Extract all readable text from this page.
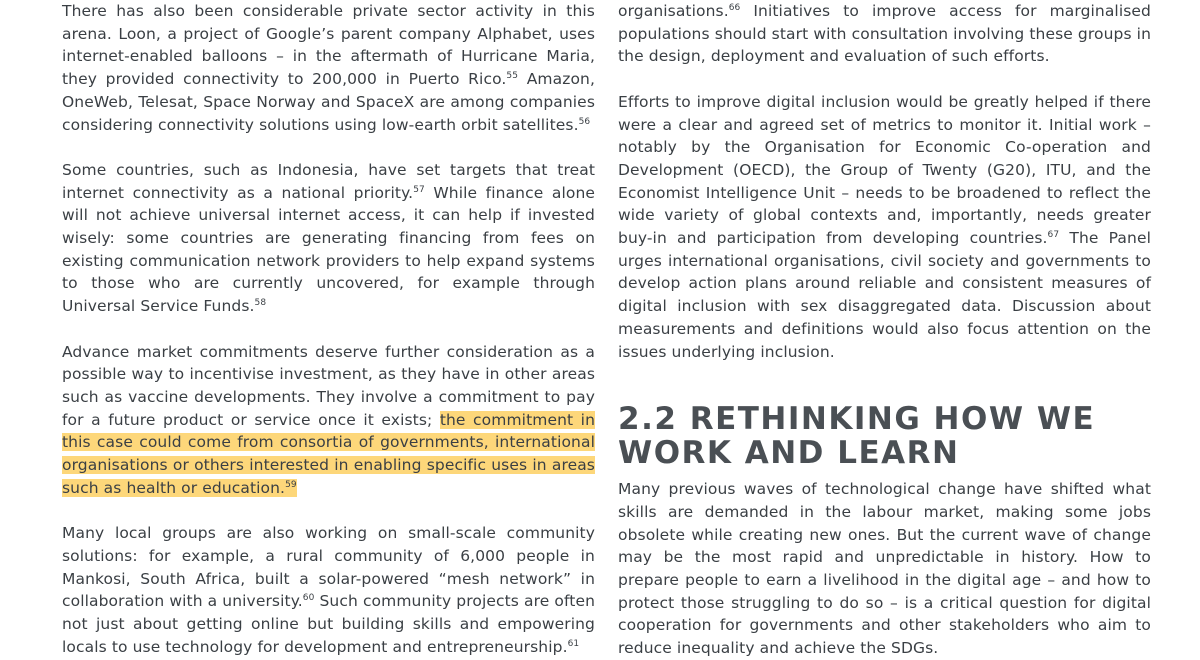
There has also been considerable private sector activity in this arena. Loon, a project of Google’s parent company Alphabet, uses internet-enabled balloons – in the aftermath of Hurricane Maria, they provided connectivity to 200,000 in Puerto Rico.$^{55}$ Amazon, OneWeb, Telesat, Space Norway and SpaceX are among companies considering connectivity solutions using low-earth orbit satellites.$^{56}$

Some countries, such as Indonesia, have set targets that treat internet connectivity as a national priority.$^{57}$ While finance alone will not achieve universal internet access, it can help if invested wisely: some countries are generating financing from fees on existing communication network providers to help expand systems to those who are currently uncovered, for example through Universal Service Funds.$^{58}$

Advance market commitments deserve further consideration as a possible way to incentivise investment, as they have in other areas such as vaccine developments. They involve a commitment to pay for a future product or service once it exists; the commitment in this case could come from consortia of governments, international organisations or others interested in enabling specific uses in areas such as health or education.$^{59}$

Many local groups are also working on small-scale community solutions: for example, a rural community of 6,000 people in Mankosi, South Africa, built a solar-powered “mesh network” in collaboration with a university.$^{60}$ Such community projects are often not just about getting online but building skills and empowering locals to use technology for development and entrepreneurship.$^{61}$

organisations.$^{66}$ Initiatives to improve access for marginalised populations should start with consultation involving these groups in the design, deployment and evaluation of such efforts.

Efforts to improve digital inclusion would be greatly helped if there were a clear and agreed set of metrics to monitor it. Initial work – notably by the Organisation for Economic Co-operation and Development (OECD), the Group of Twenty (G20), ITU, and the Economist Intelligence Unit – needs to be broadened to reflect the wide variety of global contexts and, importantly, needs greater buy-in and participation from developing countries.$^{67}$ The Panel urges international organisations, civil society and governments to develop action plans around reliable and consistent measures of digital inclusion with sex disaggregated data. Discussion about measurements and definitions would also focus attention on the issues underlying inclusion.

2.2 RETHINKING HOW WE WORK AND LEARN

Many previous waves of technological change have shifted what skills are demanded in the labour market, making some jobs obsolete while creating new ones. But the current wave of change may be the most rapid and unpredictable in history. How to prepare people to earn a livelihood in the digital age – and how to protect those struggling to do so – is a critical question for digital cooperation for governments and other stakeholders who aim to reduce inequality and achieve the SDGs.
